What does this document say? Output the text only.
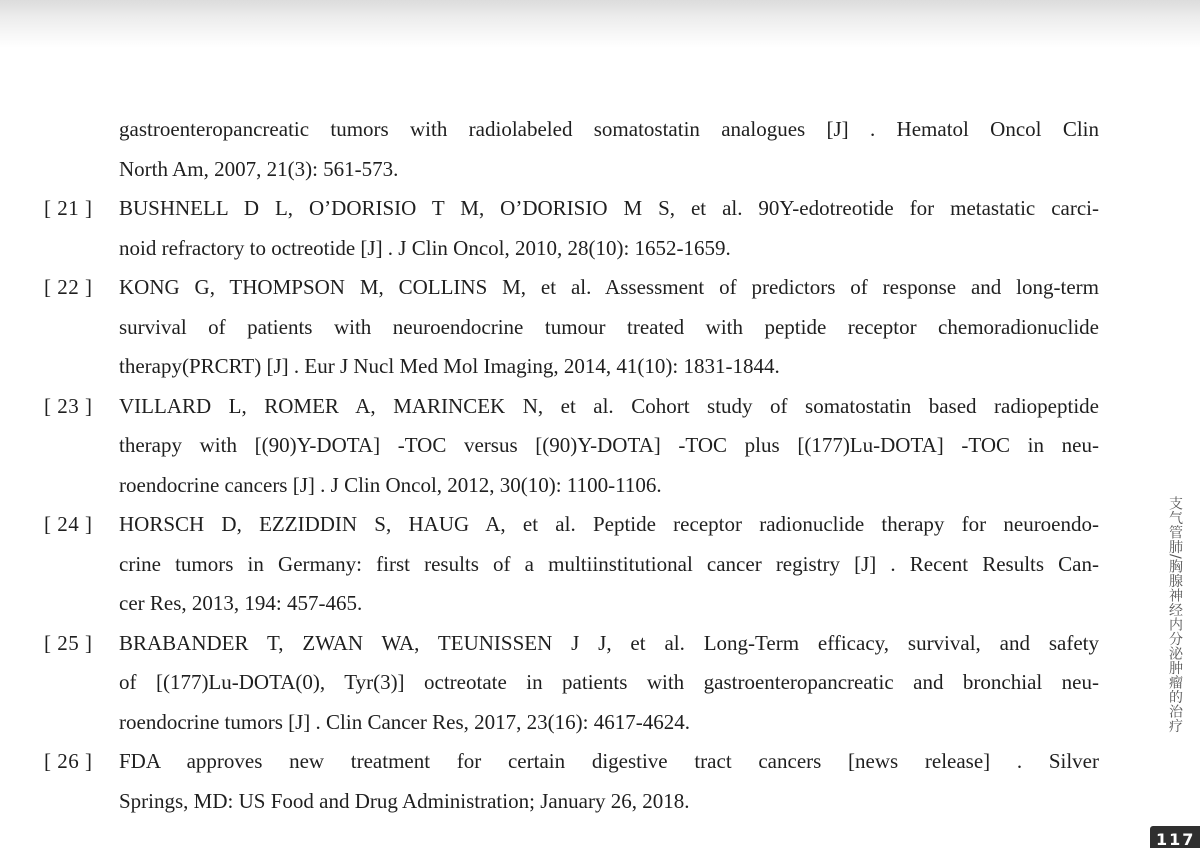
gastroenteropancreatic tumors with radiolabeled somatostatin analogues [J] . Hematol Oncol Clin
North Am, 2007, 21(3): 561-573.
[ 21 ]	BUSHNELL D L, O’DORISIO T M, O’DORISIO M S, et al. 90Y-edotreotide for metastatic carci-
noid refractory to octreotide [J] . J Clin Oncol, 2010, 28(10): 1652-1659.
[ 22 ]	KONG G, THOMPSON M, COLLINS M, et al. Assessment of predictors of response and long-term
survival of patients with neuroendocrine tumour treated with peptide receptor chemoradionuclide
therapy(PRCRT) [J] . Eur J Nucl Med Mol Imaging, 2014, 41(10): 1831-1844.
[ 23 ]	VILLARD L, ROMER A, MARINCEK N, et al. Cohort study of somatostatin based radiopeptide
therapy with [(90)Y-DOTA] -TOC versus [(90)Y-DOTA] -TOC plus [(177)Lu-DOTA] -TOC in neu-
roendocrine cancers [J] . J Clin Oncol, 2012, 30(10): 1100-1106.
[ 24 ]	HORSCH D, EZZIDDIN S, HAUG A, et al. Peptide receptor radionuclide therapy for neuroendo-
crine tumors in Germany: first results of a multiinstitutional cancer registry [J] . Recent Results Can-
cer Res, 2013, 194: 457-465.
[ 25 ]	BRABANDER T, ZWAN WA, TEUNISSEN J J, et al. Long-Term efficacy, survival, and safety
of [(177)Lu-DOTA(0), Tyr(3)] octreotate in patients with gastroenteropancreatic and bronchial neu-
roendocrine tumors [J] . Clin Cancer Res, 2017, 23(16): 4617-4624.
[ 26 ]	FDA approves new treatment for certain digestive tract cancers [news release] . Silver
Springs, MD: US Food and Drug Administration; January 26, 2018.
支气管肺/胸腺神经内分泌肿瘤的治疗
117
